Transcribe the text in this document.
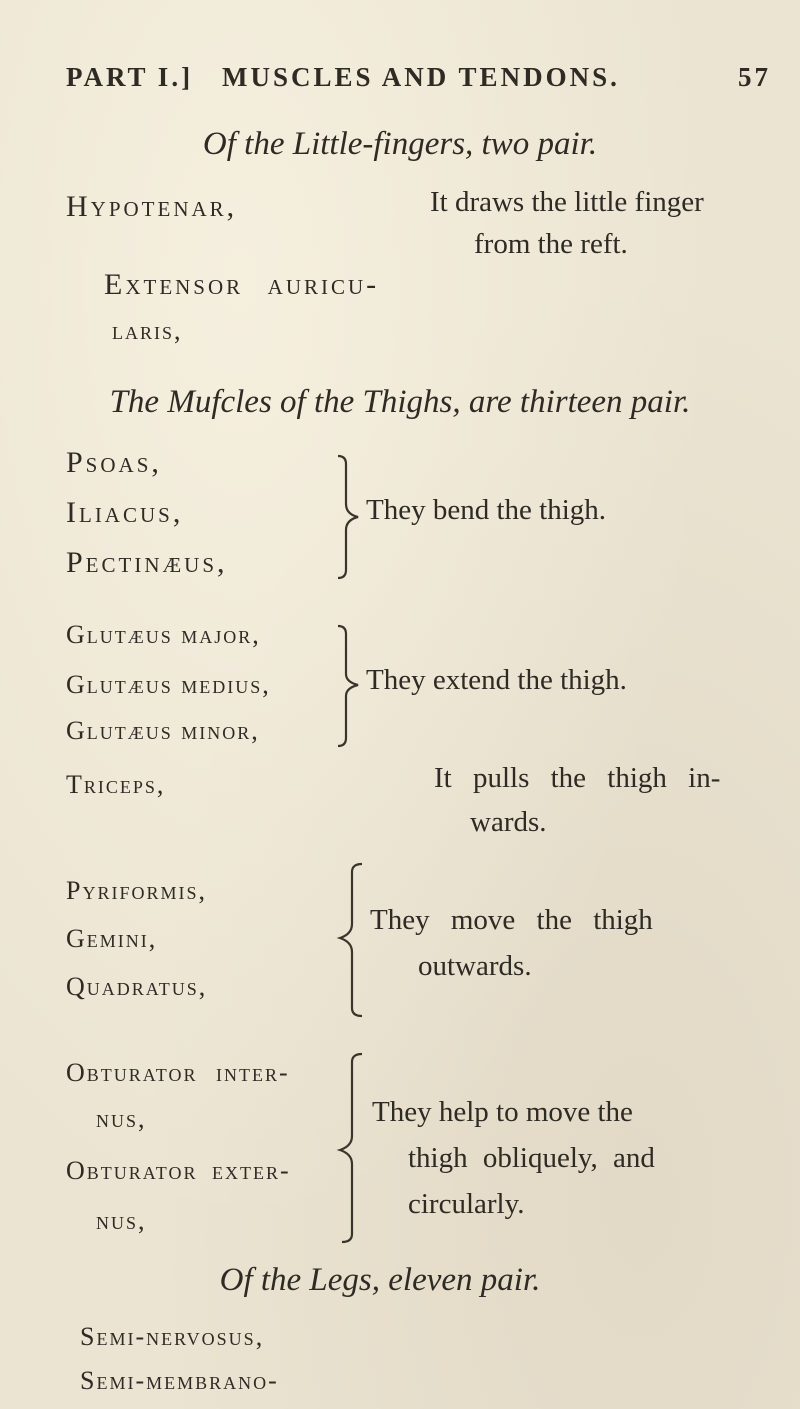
PART I.] MUSCLES AND TENDONS.	57
Of the Little-fingers, two pair.
Hypotenar,	It draws the little finger
from the reft.
Extensor auricu-
laris,
The Mufcles of the Thighs, are thirteen pair.
Psoas,
Iliacus,
Pectinæus,
They bend the thigh.
Glutæus major,
Glutæus medius,
Glutæus minor,
They extend the thigh.
Triceps,	It pulls the thigh in-
wards.
Pyriformis,
Gemini,
Quadratus,
They move the thigh
outwards.
Obturator inter-
nus,
Obturator exter-
nus,
They help to move the
thigh obliquely, and
circularly.
Of the Legs, eleven pair.
Semi-nervosus,
Semi-membrano-
